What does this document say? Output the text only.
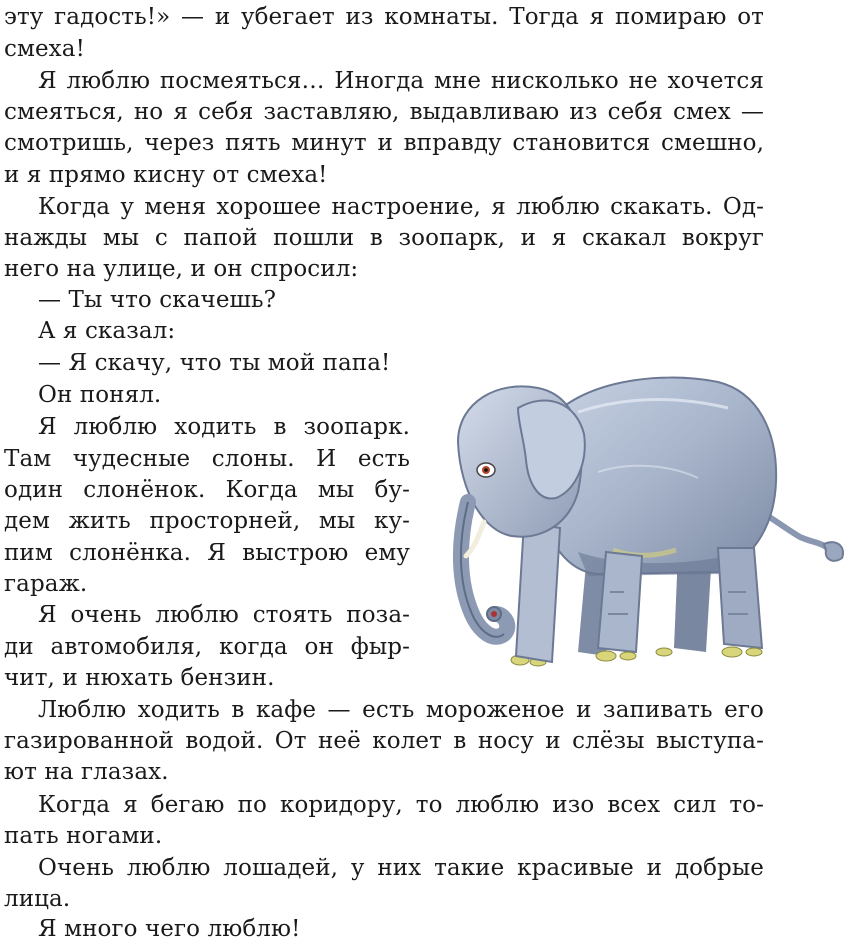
эту гадость!» — и убегает из комнаты. Тогда я помираю от
смеха!
Я люблю посмеяться… Иногда мне нисколько не хочется
смеяться, но я себя заставляю, выдавливаю из себя смех —
смотришь, через пять минут и вправду становится смешно,
и я прямо кисну от смеха!
Когда у меня хорошее настроение, я люблю скакать. Од-
нажды мы с папой пошли в зоопарк, и я скакал вокруг
него на улице, и он спросил:
— Ты что скачешь?
А я сказал:
— Я скачу, что ты мой папа!
Он понял.
Я люблю ходить в зоопарк.
Там чудесные слоны. И есть
один слонёнок. Когда мы бу-
дем жить просторней, мы ку-
пим слонёнка. Я выстрою ему
гараж.
Я очень люблю стоять поза-
ди автомобиля, когда он фыр-
чит, и нюхать бензин.
Люблю ходить в кафе — есть мороженое и запивать его
газированной водой. От неё колет в носу и слёзы выступа-
ют на глазах.
Когда я бегаю по коридору, то люблю изо всех сил то-
пать ногами.
Очень люблю лошадей, у них такие красивые и добрые
лица.
Я много чего люблю!
